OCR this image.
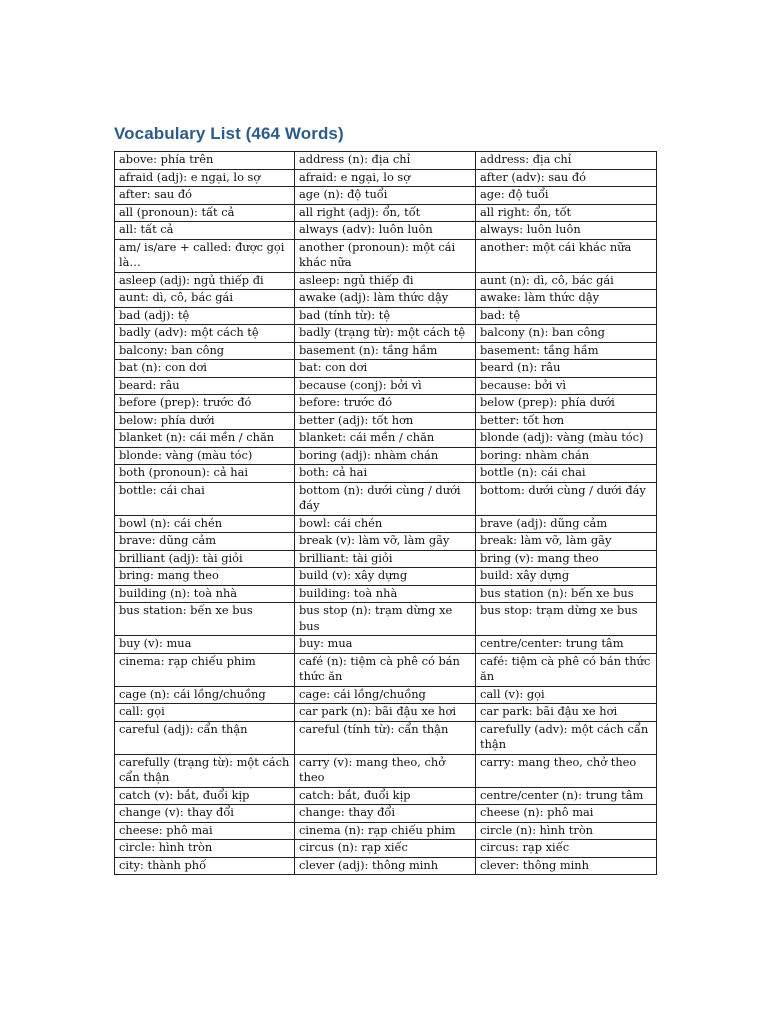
Vocabulary List (464 Words)
above: phía trên	address (n): địa chỉ	address: địa chỉ
afraid (adj): e ngại, lo sợ	afraid: e ngại, lo sợ	after (adv): sau đó
after: sau đó	age (n): độ tuổi	age: độ tuổi
all (pronoun): tất cả	all right (adj): ổn, tốt	all right: ổn, tốt
all: tất cả	always (adv): luôn luôn	always: luôn luôn
am/ is/are + called: được gọi là…	another (pronoun): một cái khác nữa	another: một cái khác nữa
asleep (adj): ngủ thiếp đi	asleep: ngủ thiếp đi	aunt (n): dì, cô, bác gái
aunt: dì, cô, bác gái	awake (adj): làm thức dậy	awake: làm thức dậy
bad (adj): tệ	bad (tính từ): tệ	bad: tệ
badly (adv): một cách tệ	badly (trạng từ): một cách tệ	balcony (n): ban công
balcony: ban công	basement (n): tầng hầm	basement: tầng hầm
bat (n): con dơi	bat: con dơi	beard (n): râu
beard: râu	because (conj): bởi vì	because: bởi vì
before (prep): trước đó	before: trước đó	below (prep): phía dưới
below: phía dưới	better (adj): tốt hơn	better: tốt hơn
blanket (n): cái mền / chăn	blanket: cái mền / chăn	blonde (adj): vàng (màu tóc)
blonde: vàng (màu tóc)	boring (adj): nhàm chán	boring: nhàm chán
both (pronoun): cả hai	both: cả hai	bottle (n): cái chai
bottle: cái chai	bottom (n): dưới cùng / dưới đáy	bottom: dưới cùng / dưới đáy
bowl (n): cái chén	bowl: cái chén	brave (adj): dũng cảm
brave: dũng cảm	break (v): làm vỡ, làm gãy	break: làm vỡ, làm gãy
brilliant (adj): tài giỏi	brilliant: tài giỏi	bring (v): mang theo
bring: mang theo	build (v): xây dựng	build: xây dựng
building (n): toà nhà	building: toà nhà	bus station (n): bến xe bus
bus station: bến xe bus	bus stop (n): trạm dừng xe bus	bus stop: trạm dừng xe bus
buy (v): mua	buy: mua	centre/center: trung tâm
cinema: rạp chiếu phim	café (n): tiệm cà phê có bán thức ăn	café: tiệm cà phê có bán thức ăn
cage (n): cái lồng/chuồng	cage: cái lồng/chuồng	call (v): gọi
call: gọi	car park (n): bãi đậu xe hơi	car park: bãi đậu xe hơi
careful (adj): cẩn thận	careful (tính từ): cẩn thận	carefully (adv): một cách cẩn thận
carefully (trạng từ): một cách cẩn thận	carry (v): mang theo, chở theo	carry: mang theo, chở theo
catch (v): bắt, đuổi kịp	catch: bắt, đuổi kịp	centre/center (n): trung tâm
change (v): thay đổi	change: thay đổi	cheese (n): phô mai
cheese: phô mai	cinema (n): rạp chiếu phim	circle (n): hình tròn
circle: hình tròn	circus (n): rạp xiếc	circus: rạp xiếc
city: thành phố	clever (adj): thông minh	clever: thông minh
